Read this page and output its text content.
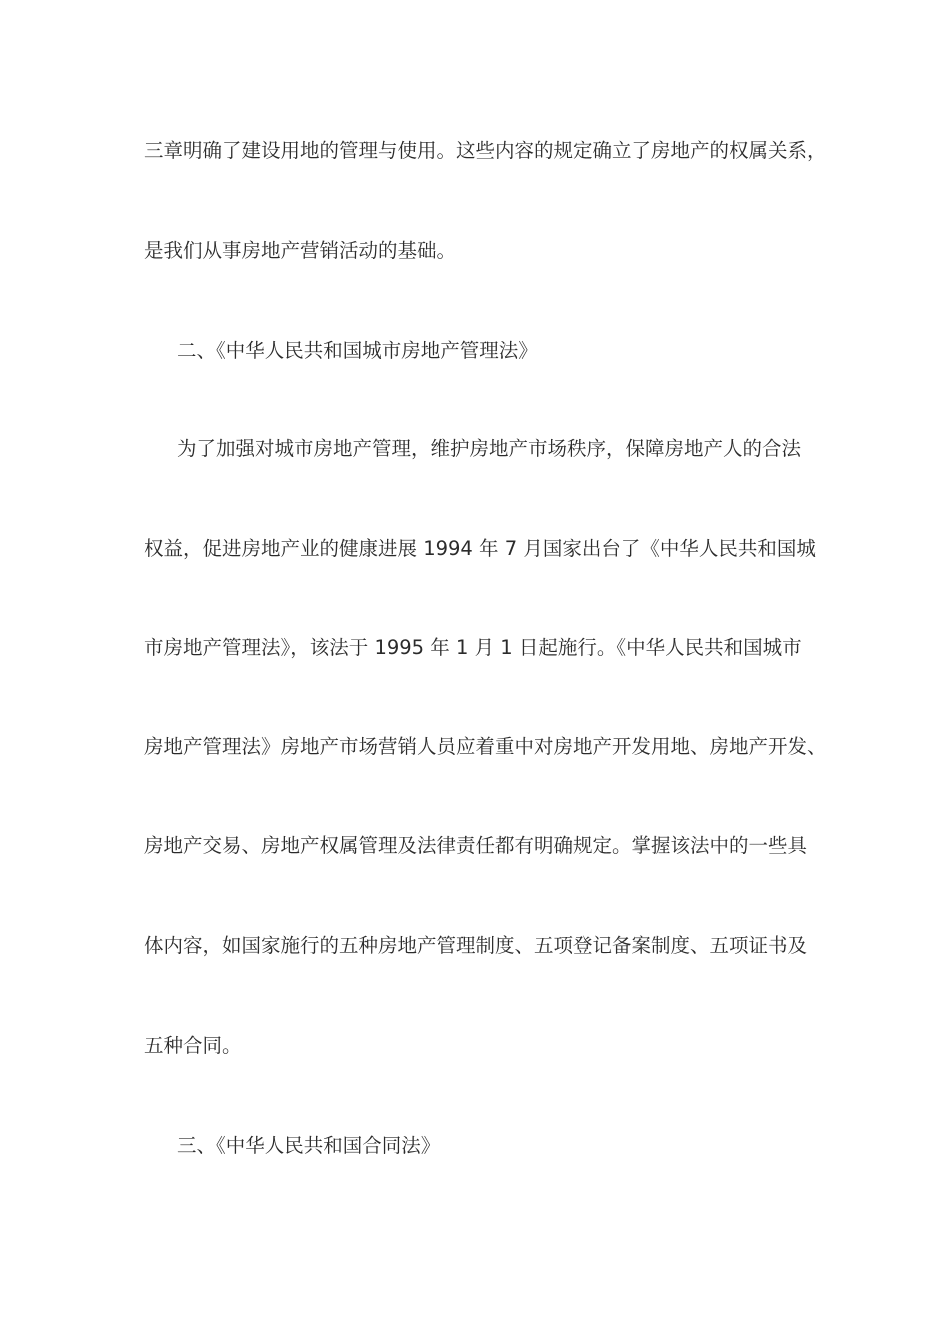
三章明确了建设用地的管理与使用。这些内容的规定确立了房地产的权属关系，
是我们从事房地产营销活动的基础。
二、《中华人民共和国城市房地产管理法》
为了加强对城市房地产管理，维护房地产市场秩序，保障房地产人的合法
权益，促进房地产业的健康进展 1994 年 7 月国家出台了《中华人民共和国城
市房地产管理法》，该法于 1995 年 1 月 1 日起施行。《中华人民共和国城市
房地产管理法》房地产市场营销人员应着重中对房地产开发用地、房地产开发、
房地产交易、房地产权属管理及法律责任都有明确规定。掌握该法中的一些具
体内容，如国家施行的五种房地产管理制度、五项登记备案制度、五项证书及
五种合同。
三、《中华人民共和国合同法》
